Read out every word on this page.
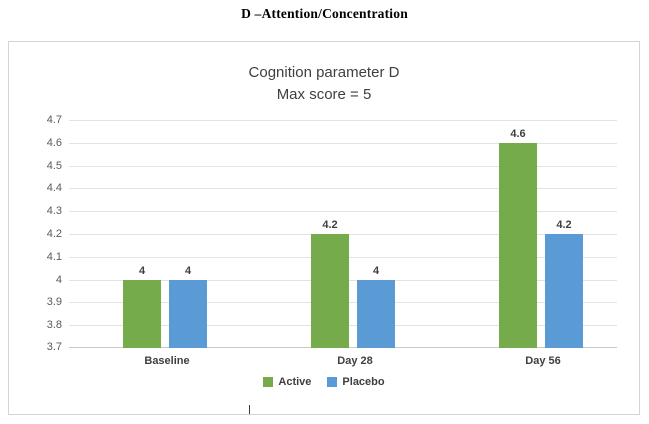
D –Attention/Concentration
Cognition parameter D
Max score = 5
4.7
4.6
4.5
4.4
4.3
4.2
4.1
4
3.9
3.8
3.7
4	4
Baseline
4.2
4
Day 28
4.6
4.2
Day 56
Active	Placebo
